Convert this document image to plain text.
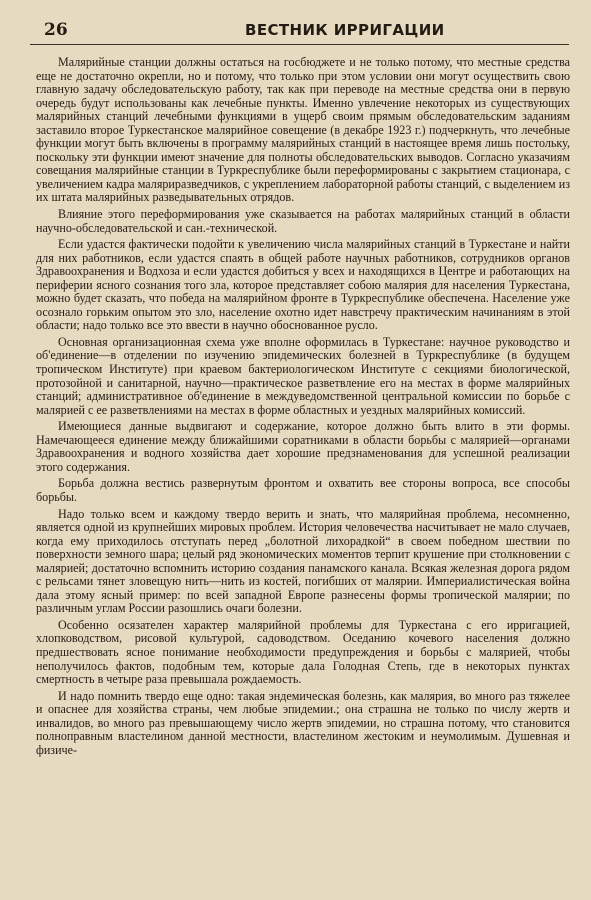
26	ВЕСТНИК ИРРИГАЦИИ

Малярийные станции должны остаться на госбюджете и не только потому, что местные средства еще не достаточно окрепли, но и потому, что только при этом условии они могут осуществить свою главную задачу обследовательскую работу, так как при переводе на местные средства они в первую очередь будут использованы как лечебные пункты. Именно увлечение некоторых из существующих малярийных станций лечебными функциями в ущерб своим прямым обследовательским заданиям заставило второе Туркестанское малярийное совещение (в декабре 1923 г.) подчеркнуть, что лечебные функции могут быть включены в программу малярийных станций в настоящее время лишь постольку, поскольку эти функции имеют значение для полноты обследовательских выводов. Согласно указачиям совещания малярийные станции в Туркреспублике были переформированы с закрытием стационара, с увеличением кадра маляриразведчиков, с укреплением лабораторной работы станций, с выделением из их штата малярийных разведывательных отрядов.

Влияние этого переформирования уже сказывается на работах малярийных станций в области научно-обследовательской и сан.-технической.

Если удастся фактически подойти к увеличению числа малярийных станций в Туркестане и найти для них работников, если удастся спаять в общей работе научных работников, сотрудников органов Здравоохранения и Водхоза и если удастся добиться у всех и находящихся в Центре и работающих на периферии ясного сознания того зла, которое представляет собою малярия для населения Туркестана, можно будет сказать, что победа на малярийном фронте в Туркреспублике обеспечена. Население уже осознало горьким опытом это зло, население охотно идет навстречу практическим начинаниям в этой области; надо только все это ввести в научно обоснованное русло.

Основная организационная схема уже вполне оформилась в Туркестане: научное руководство и об'единение—в отделении по изучению эпидемических болезней в Туркреспублике (в будущем тропическом Институте) при краевом бактериологическом Институте с секциями биологической, протозойной и санитарной, научно—практическое разветвление его на местах в форме малярийных станций; административное об'единение в междуведомственной центральной комиссии по борьбе с малярией с ее разветвлениями на местах в форме областных и уездных малярийных комиссий.

Имеющиеся данные выдвигают и содержание, которое должно быть влито в эти формы. Намечающееся единение между ближайшими соратниками в области борьбы с малярией—органами Здравоохранения и водного хозяйства дает хорошие предзнаменования для успешной реализации этого содержания.

Борьба должна вестись развернутым фронтом и охватить вее стороны вопроса, все способы борьбы.

Надо только всем и каждому твердо верить и знать, что малярийная проблема, несомненно, является одной из крупнейших мировых проблем. История человечества насчитывает не мало случаев, когда ему приходилось отступать перед „болотной лихорадкой“ в своем победном шествии по поверхности земного шара; целый ряд экономических моментов терпит крушение при столкновении с малярией; достаточно вспомнить историю создания панамского канала. Всякая железная дорога рядом с рельсами тянет зловещую нить—нить из костей, погибших от малярии. Империалистическая война дала этому ясный пример: по всей западной Европе разнесены формы тропической малярии; по различным углам России разошлись очаги болезни.

Особенно осязателен характер малярийной проблемы для Туркестана с его ирригацией, хлопководством, рисовой культурой, садоводством. Оседанию кочевого населения должно предшествовать ясное понимание необходимости предупреждения и борьбы с малярией, чтобы неполучилось фактов, подобным тем, которые дала Голодная Степь, где в некоторых пунктах смертность в четыре раза превышала рождаемость.

И надо помнить твердо еще одно: такая эндемическая болезнь, как малярия, во много раз тяжелее и опаснее для хозяйства страны, чем любые эпидемии.; она страшна не только по числу жертв и инвалидов, во много раз превышающему число жертв эпидемии, но страшна потому, что становится полноправным властелином данной местности, властелином жестоким и неумолимым. Душевная и физиче-
